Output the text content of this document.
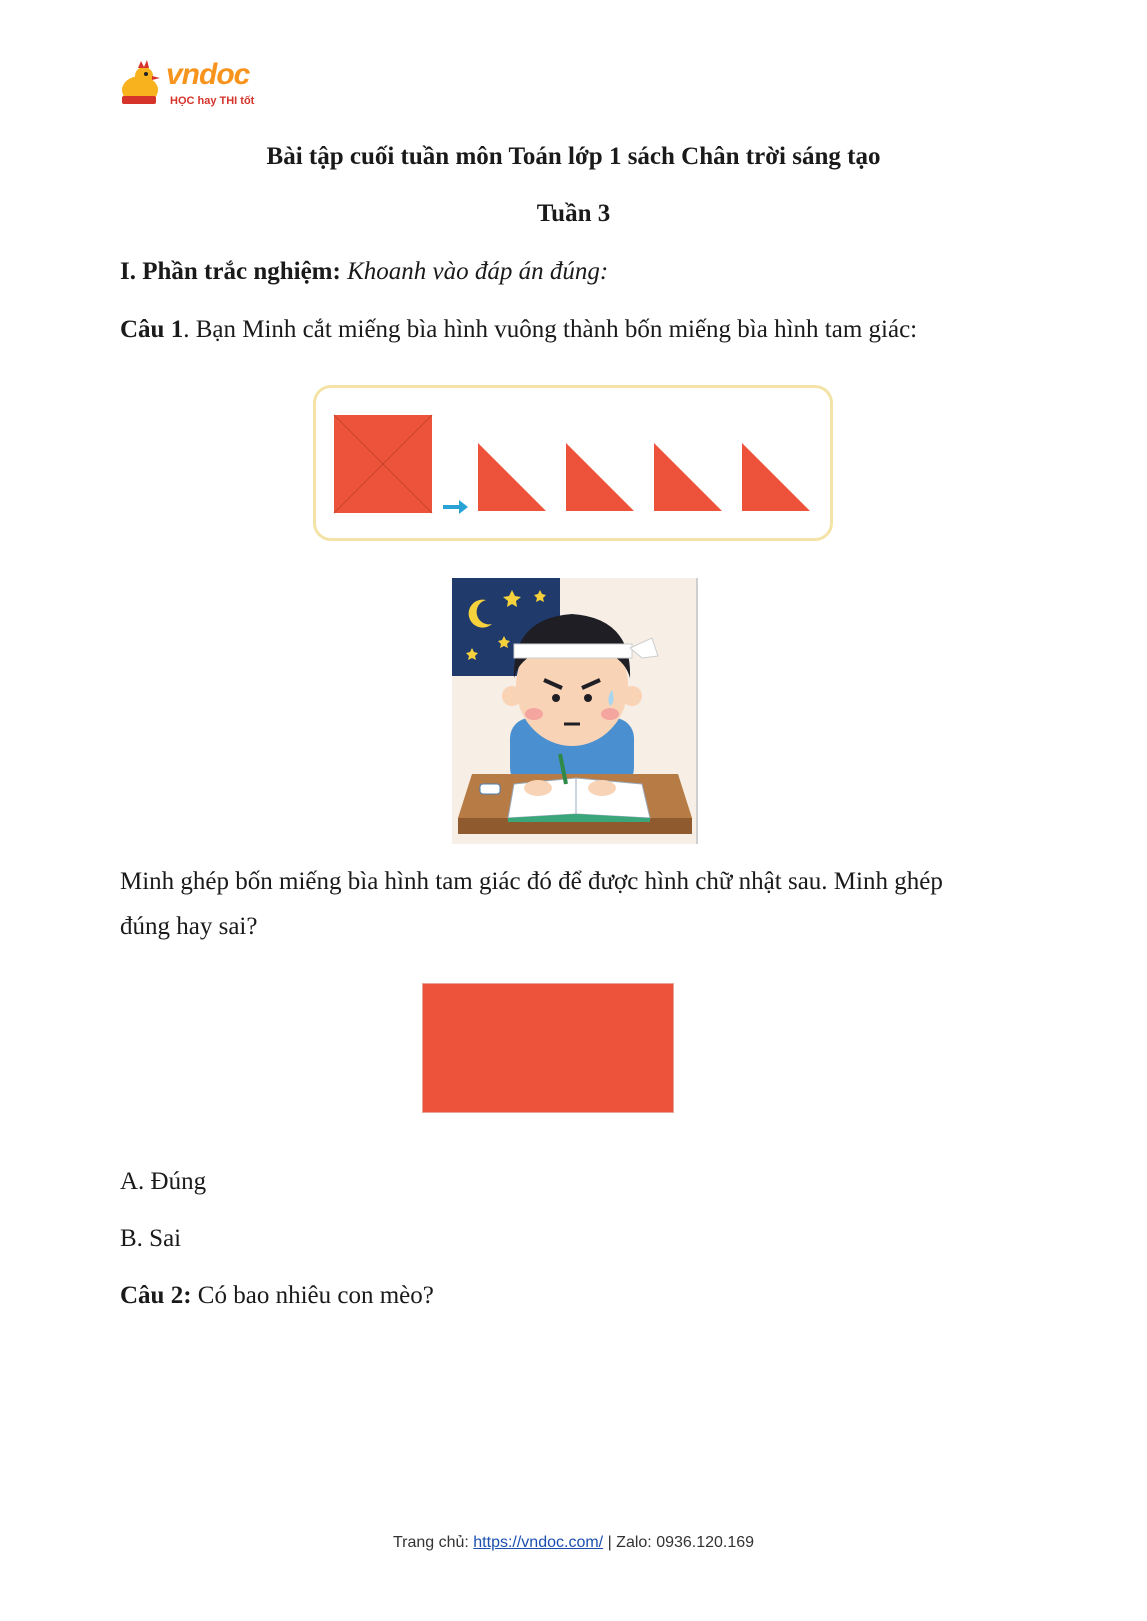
vndoc
HỌC hay THI tốt
Bài tập cuối tuần môn Toán lớp 1 sách Chân trời sáng tạo
Tuần 3
I. Phần trắc nghiệm: Khoanh vào đáp án đúng:
Câu 1. Bạn Minh cắt miếng bìa hình vuông thành bốn miếng bìa hình tam giác:
Minh ghép bốn miếng bìa hình tam giác đó để được hình chữ nhật sau. Minh ghép
đúng hay sai?
A. Đúng
B. Sai
Câu 2: Có bao nhiêu con mèo?
Trang chủ: https://vndoc.com/ | Zalo: 0936.120.169
